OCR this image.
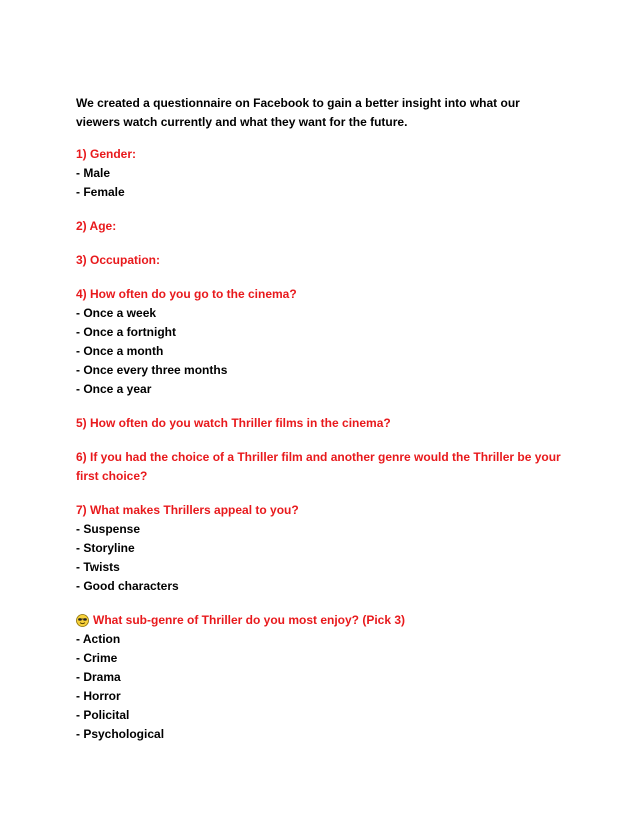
We created a questionnaire on Facebook to gain a better insight into what our viewers watch currently and what they want for the future.

1) Gender:

- Male

- Female

2) Age:

3) Occupation:

4) How often do you go to the cinema?

- Once a week

- Once a fortnight

- Once a month

- Once every three months

- Once a year

5) How often do you watch Thriller films in the cinema?

6) If you had the choice of a Thriller film and another genre would the Thriller be your first choice?

7) What makes Thrillers appeal to you?

- Suspense

- Storyline

- Twists

- Good characters

What sub-genre of Thriller do you most enjoy? (Pick 3)

- Action

- Crime

- Drama

- Horror

- Policital

- Psychological
